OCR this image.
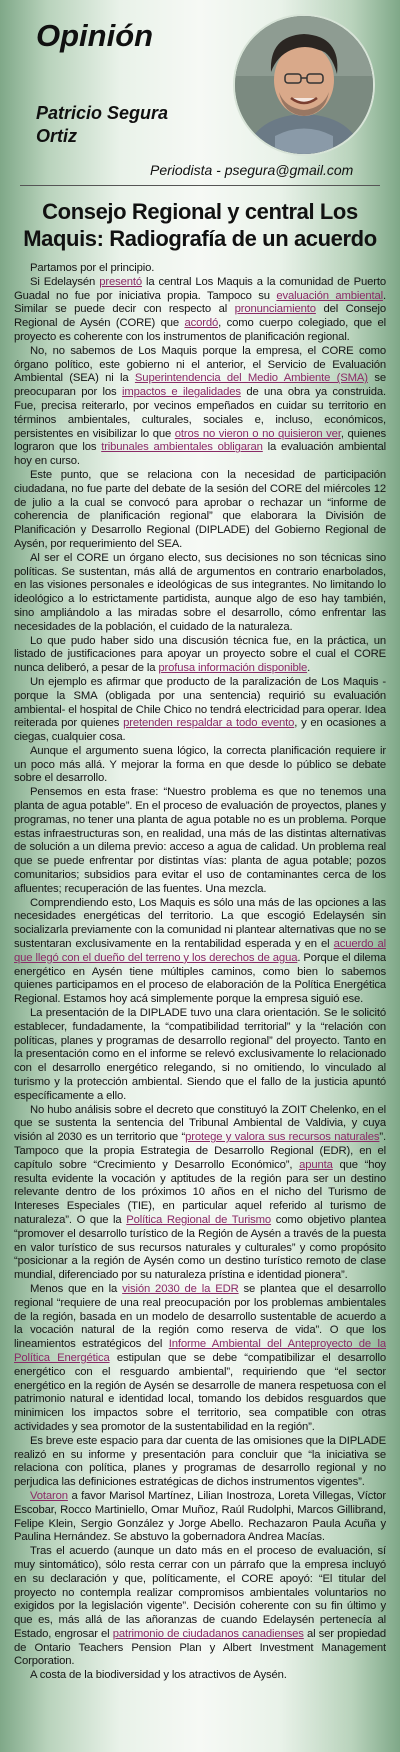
Opinión
Patricio Segura
Ortiz
Periodista - psegura@gmail.com
Consejo Regional y central Los Maquis: Radiografía de un acuerdo

Partamos por el principio.

Si Edelaysén presentó la central Los Maquis a la comunidad de Puerto Guadal no fue por iniciativa propia. Tampoco su evaluación ambiental. Similar se puede decir con respecto al pronunciamiento del Consejo Regional de Aysén (CORE) que acordó, como cuerpo colegiado, que el proyecto es coherente con los instrumentos de planificación regional.

No, no sabemos de Los Maquis porque la empresa, el CORE como órgano político, este gobierno ni el anterior, el Servicio de Evaluación Ambiental (SEA) ni la Superintendencia del Medio Ambiente (SMA) se preocuparan por los impactos e ilegalidades de una obra ya construida. Fue, precisa reiterarlo, por vecinos empeñados en cuidar su territorio en términos ambientales, culturales, sociales e, incluso, económicos, persistentes en visibilizar lo que otros no vieron o no quisieron ver, quienes lograron que los tribunales ambientales obligaran la evaluación ambiental hoy en curso.

Este punto, que se relaciona con la necesidad de participación ciudadana, no fue parte del debate de la sesión del CORE del miércoles 12 de julio a la cual se convocó para aprobar o rechazar un “informe de coherencia de planificación regional” que elaborara la División de Planificación y Desarrollo Regional (DIPLADE) del Gobierno Regional de Aysén, por requerimiento del SEA.

Al ser el CORE un órgano electo, sus decisiones no son técnicas sino políticas. Se sustentan, más allá de argumentos en contrario enarbolados, en las visiones personales e ideológicas de sus integrantes. No limitando lo ideológico a lo estrictamente partidista, aunque algo de eso hay también, sino ampliándolo a las miradas sobre el desarrollo, cómo enfrentar las necesidades de la población, el cuidado de la naturaleza.

Lo que pudo haber sido una discusión técnica fue, en la práctica, un listado de justificaciones para apoyar un proyecto sobre el cual el CORE nunca deliberó, a pesar de la profusa información disponible.

Un ejemplo es afirmar que producto de la paralización de Los Maquis -porque la SMA (obligada por una sentencia) requirió su evaluación ambiental- el hospital de Chile Chico no tendrá electricidad para operar. Idea reiterada por quienes pretenden respaldar a todo evento, y en ocasiones a ciegas, cualquier cosa.

Aunque el argumento suena lógico, la correcta planificación requiere ir un poco más allá. Y mejorar la forma en que desde lo público se debate sobre el desarrollo.

Pensemos en esta frase: “Nuestro problema es que no tenemos una planta de agua potable”. En el proceso de evaluación de proyectos, planes y programas, no tener una planta de agua potable no es un problema. Porque estas infraestructuras son, en realidad, una más de las distintas alternativas de solución a un dilema previo: acceso a agua de calidad. Un problema real que se puede enfrentar por distintas vías: planta de agua potable; pozos comunitarios; subsidios para evitar el uso de contaminantes cerca de los afluentes; recuperación de las fuentes. Una mezcla.

Comprendiendo esto, Los Maquis es sólo una más de las opciones a las necesidades energéticas del territorio. La que escogió Edelaysén sin socializarla previamente con la comunidad ni plantear alternativas que no se sustentaran exclusivamente en la rentabilidad esperada y en el acuerdo al que llegó con el dueño del terreno y los derechos de agua. Porque el dilema energético en Aysén tiene múltiples caminos, como bien lo sabemos quienes participamos en el proceso de elaboración de la Política Energética Regional. Estamos hoy acá simplemente porque la empresa siguió ese.

La presentación de la DIPLADE tuvo una clara orientación. Se le solicitó establecer, fundadamente, la “compatibilidad territorial” y la “relación con políticas, planes y programas de desarrollo regional” del proyecto. Tanto en la presentación como en el informe se relevó exclusivamente lo relacionado con el desarrollo energético relegando, si no omitiendo, lo vinculado al turismo y la protección ambiental. Siendo que el fallo de la justicia apuntó específicamente a ello.

No hubo análisis sobre el decreto que constituyó la ZOIT Chelenko, en el que se sustenta la sentencia del Tribunal Ambiental de Valdivia, y cuya visión al 2030 es un territorio que “protege y valora sus recursos naturales”. Tampoco que la propia Estrategia de Desarrollo Regional (EDR), en el capítulo sobre “Crecimiento y Desarrollo Económico”, apunta que “hoy resulta evidente la vocación y aptitudes de la región para ser un destino relevante dentro de los próximos 10 años en el nicho del Turismo de Intereses Especiales (TIE), en particular aquel referido al turismo de naturaleza”. O que la Política Regional de Turismo como objetivo plantea “promover el desarrollo turístico de la Región de Aysén a través de la puesta en valor turístico de sus recursos naturales y culturales” y como propósito “posicionar a la región de Aysén como un destino turístico remoto de clase mundial, diferenciado por su naturaleza prístina e identidad pionera”.

Menos que en la visión 2030 de la EDR se plantea que el desarrollo regional “requiere de una real preocupación por los problemas ambientales de la región, basada en un modelo de desarrollo sustentable de acuerdo a la vocación natural de la región como reserva de vida”. O que los lineamientos estratégicos del Informe Ambiental del Anteproyecto de la Política Energética estipulan que se debe “compatibilizar el desarrollo energético con el resguardo ambiental”, requiriendo que “el sector energético en la región de Aysén se desarrolle de manera respetuosa con el patrimonio natural e identidad local, tomando los debidos resguardos que minimicen los impactos sobre el territorio, sea compatible con otras actividades y sea promotor de la sustentabilidad en la región”.

Es breve este espacio para dar cuenta de las omisiones que la DIPLADE realizó en su informe y presentación para concluir que “la iniciativa se relaciona con política, planes y programas de desarrollo regional y no perjudica las definiciones estratégicas de dichos instrumentos vigentes”.

Votaron a favor Marisol Martínez, Lilian Inostroza, Loreta Villegas, Víctor Escobar, Rocco Martiniello, Omar Muñoz, Raúl Rudolphi, Marcos Gillibrand, Felipe Klein, Sergio González y Jorge Abello. Rechazaron Paula Acuña y Paulina Hernández. Se abstuvo la gobernadora Andrea Macías.

Tras el acuerdo (aunque un dato más en el proceso de evaluación, sí muy sintomático), sólo resta cerrar con un párrafo que la empresa incluyó en su declaración y que, políticamente, el CORE apoyó: “El titular del proyecto no contempla realizar compromisos ambientales voluntarios no exigidos por la legislación vigente”. Decisión coherente con su fin último y que es, más allá de las añoranzas de cuando Edelaysén pertenecía al Estado, engrosar el patrimonio de ciudadanos canadienses al ser propiedad de Ontario Teachers Pension Plan y Albert Investment Management Corporation.

A costa de la biodiversidad y los atractivos de Aysén.
